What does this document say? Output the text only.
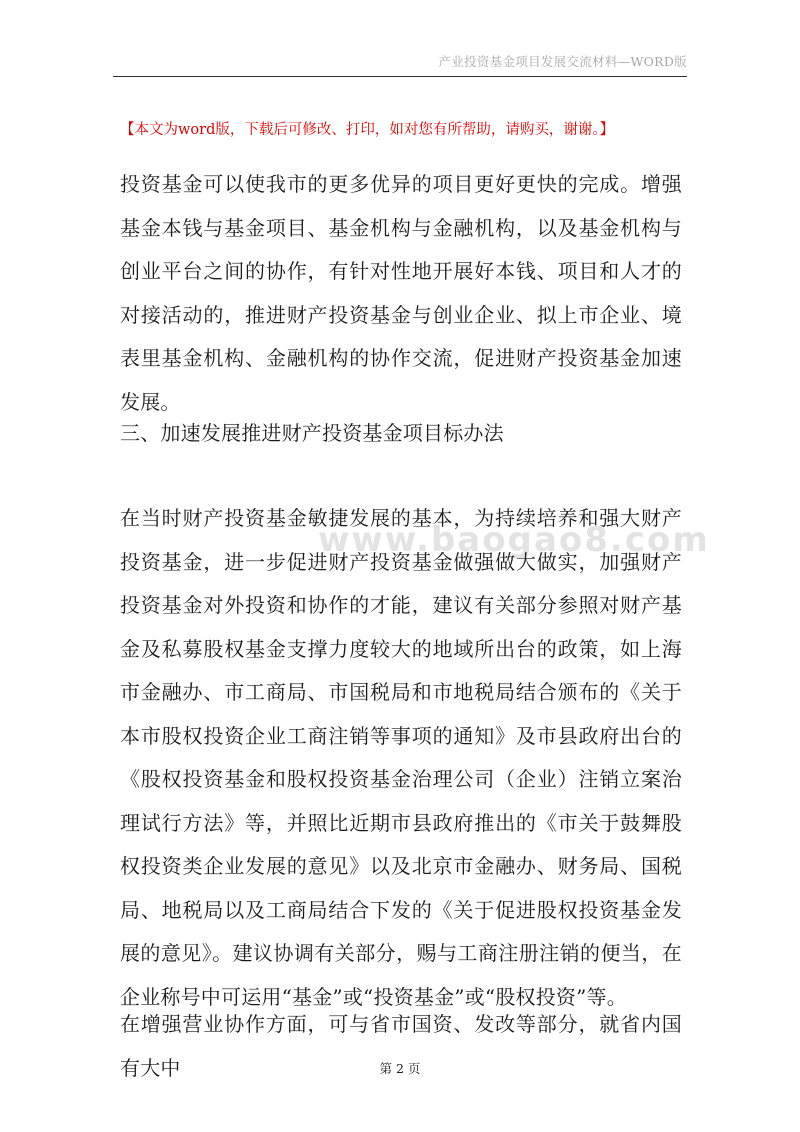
产业投资基金项目发展交流材料—WORD版
【本文为word版，下载后可修改、打印，如对您有所帮助，请购买，谢谢。】
www.baogao8.com

投资基金可以使我市的更多优异的项目更好更快的完成。增强基金本钱与基金项目、基金机构与金融机构，以及基金机构与创业平台之间的协作，有针对性地开展好本钱、项目和人才的对接活动的，推进财产投资基金与创业企业、拟上市企业、境表里基金机构、金融机构的协作交流，促进财产投资基金加速发展。

三、加速发展推进财产投资基金项目标办法

在当时财产投资基金敏捷发展的基本，为持续培养和强大财产投资基金，进一步促进财产投资基金做强做大做实，加强财产投资基金对外投资和协作的才能，建议有关部分参照对财产基金及私募股权基金支撑力度较大的地域所出台的政策，如上海市金融办、市工商局、市国税局和市地税局结合颁布的《关于本市股权投资企业工商注销等事项的通知》及市县政府出台的《股权投资基金和股权投资基金治理公司（企业）注销立案治理试行方法》等，并照比近期市县政府推出的《市关于鼓舞股权投资类企业发展的意见》以及北京市金融办、财务局、国税局、地税局以及工商局结合下发的《关于促进股权投资基金发展的意见》。建议协调有关部分，赐与工商注册注销的便当，在企业称号中可运用“基金”或“投资基金”或“股权投资”等。

在增强营业协作方面，可与省市国资、发改等部分，就省内国有大中	第 2 页
